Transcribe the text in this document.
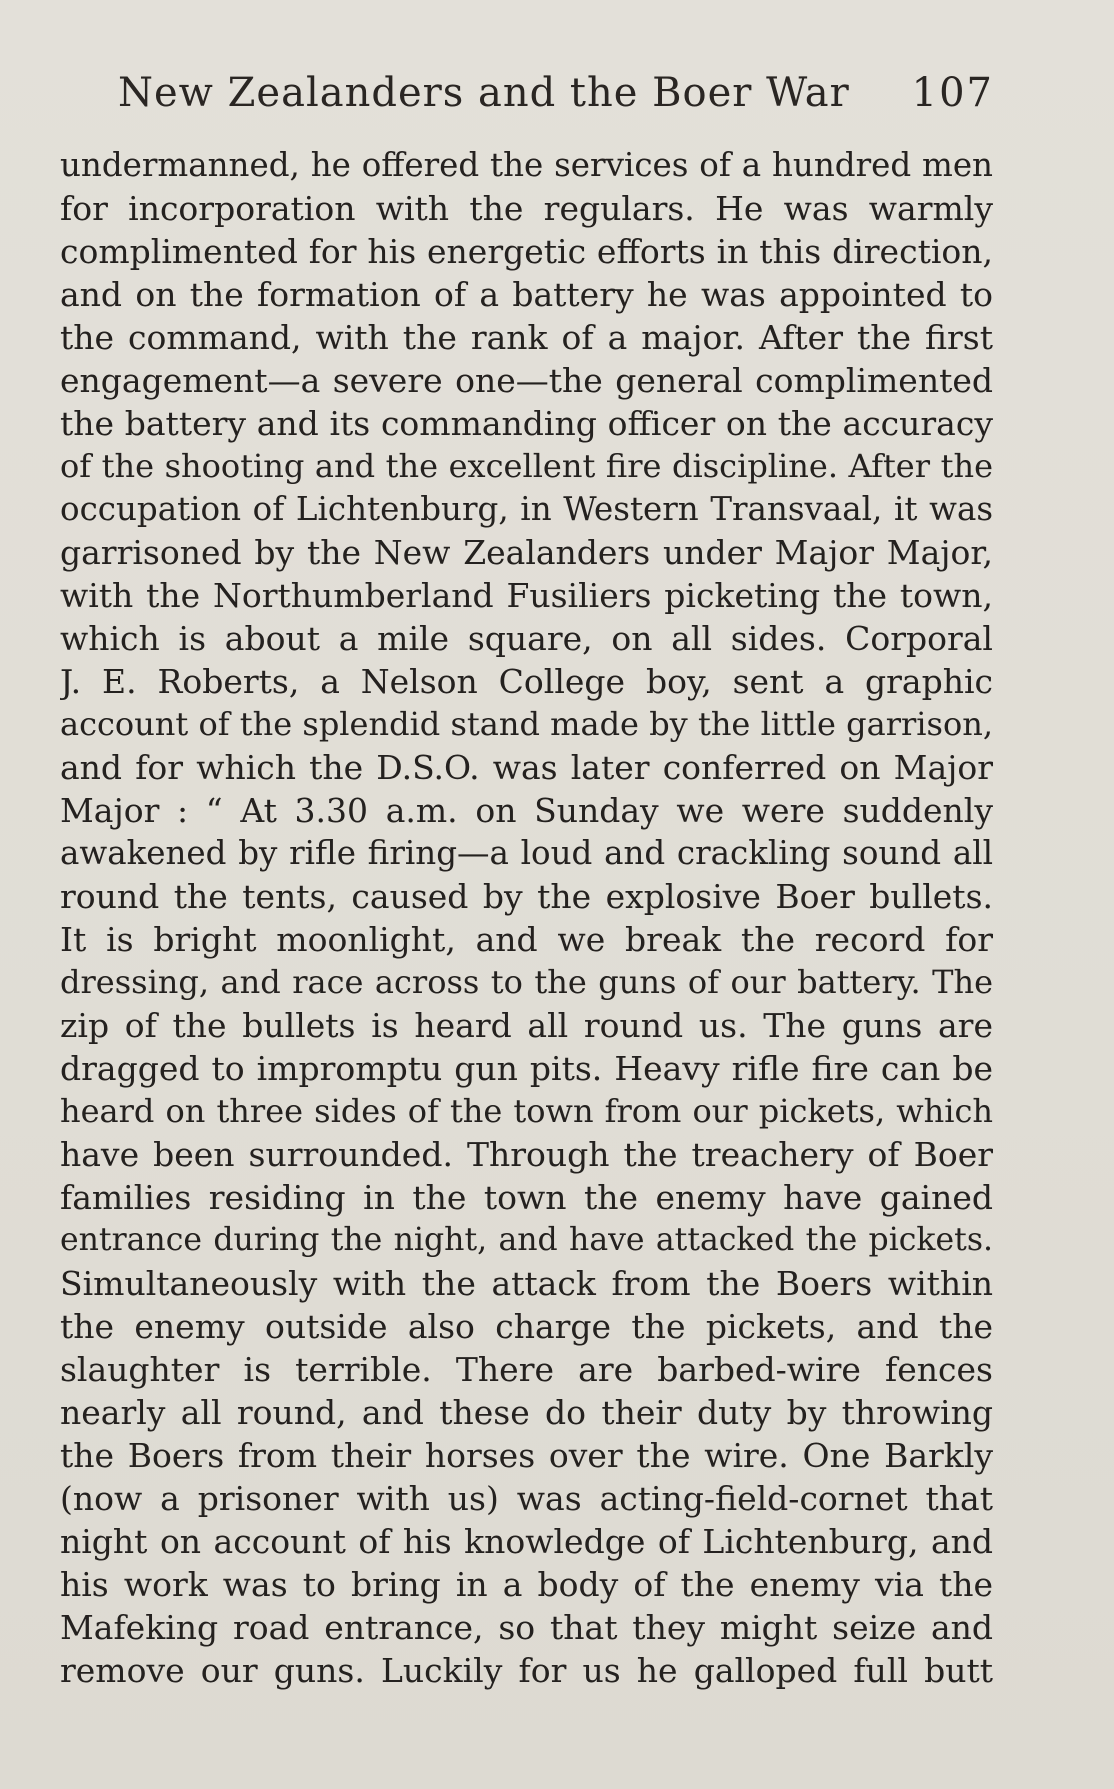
New Zealanders and the Boer War 107
undermanned, he offered the services of a hundred men
for incorporation with the regulars. He was warmly
complimented for his energetic efforts in this direction,
and on the formation of a battery he was appointed to
the command, with the rank of a major. After the first
engagement—a severe one—the general complimented
the battery and its commanding officer on the accuracy
of the shooting and the excellent fire discipline. After the
occupation of Lichtenburg, in Western Transvaal, it was
garrisoned by the New Zealanders under Major Major,
with the Northumberland Fusiliers picketing the town,
which is about a mile square, on all sides. Corporal
J. E. Roberts, a Nelson College boy, sent a graphic
account of the splendid stand made by the little garrison,
and for which the D.S.O. was later conferred on Major
Major : “ At 3.30 a.m. on Sunday we were suddenly
awakened by rifle firing—a loud and crackling sound all
round the tents, caused by the explosive Boer bullets.
It is bright moonlight, and we break the record for
dressing, and race across to the guns of our battery. The
zip of the bullets is heard all round us. The guns are
dragged to impromptu gun pits. Heavy rifle fire can be
heard on three sides of the town from our pickets, which
have been surrounded. Through the treachery of Boer
families residing in the town the enemy have gained
entrance during the night, and have attacked the pickets.
Simultaneously with the attack from the Boers within
the enemy outside also charge the pickets, and the
slaughter is terrible. There are barbed-wire fences
nearly all round, and these do their duty by throwing
the Boers from their horses over the wire. One Barkly
(now a prisoner with us) was acting-field-cornet that
night on account of his knowledge of Lichtenburg, and
his work was to bring in a body of the enemy via the
Mafeking road entrance, so that they might seize and
remove our guns. Luckily for us he galloped full butt
